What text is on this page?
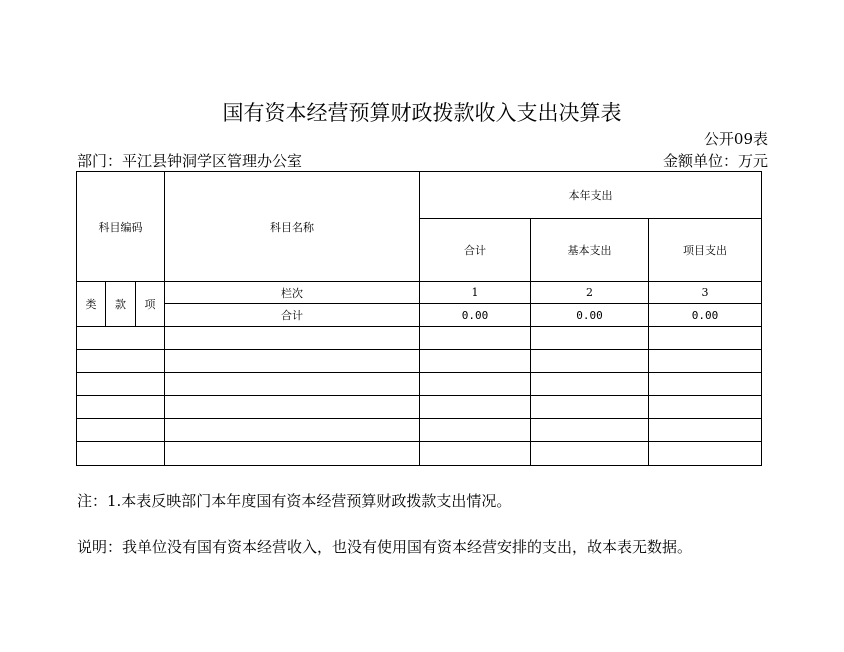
国有资本经营预算财政拨款收入支出决算表
公开09表
部门：平江县钟洞学区管理办公室	金额单位：万元
科目编码			科目名称	本年支出		
				合计	基本支出	项目支出
类	款	项	栏次	1	2	3
			合计	0.00	0.00	0.00

注：1.本表反映部门本年度国有资本经营预算财政拨款支出情况。
说明：我单位没有国有资本经营收入，也没有使用国有资本经营安排的支出，故本表无数据。
